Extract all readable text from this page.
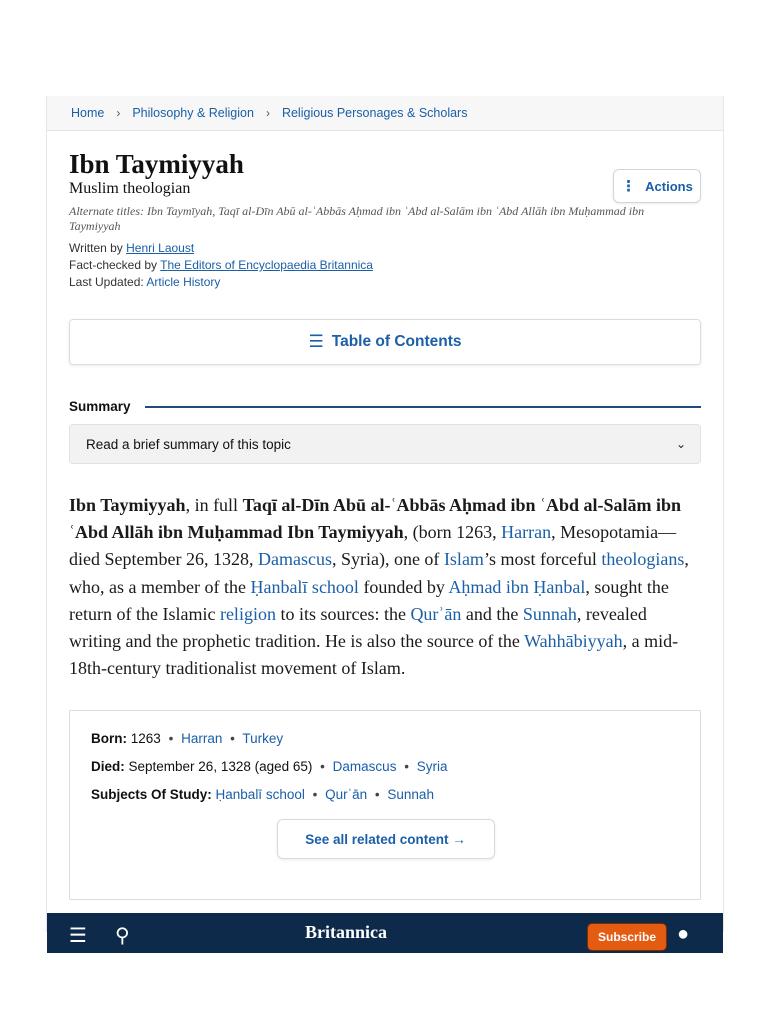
Home › Philosophy & Religion › Religious Personages & Scholars
Ibn Taymiyyah
Muslim theologian	⋮ Actions
Alternate titles: Ibn Taymīyah, Taqī al-Dīn Abū al-ʿAbbās Aḥmad ibn ʿAbd al-Salām ibn ʿAbd Allāh ibn Muḥammad ibn Taymiyyah
Written by Henri Laoust
Fact-checked by The Editors of Encyclopaedia Britannica
Last Updated: Article History
☰ Table of Contents
Summary
Read a brief summary of this topic	⌄

Ibn Taymiyyah, in full Taqī al-Dīn Abū al-ʿAbbās Aḥmad ibn ʿAbd al-Salām ibn ʿAbd Allāh ibn Muḥammad Ibn Taymiyyah, (born 1263, Harran, Mesopotamia—died September 26, 1328, Damascus, Syria), one of Islam’s most forceful theologians, who, as a member of the Ḥanbalī school founded by Aḥmad ibn Ḥanbal, sought the return of the Islamic religion to its sources: the Qurʾān and the Sunnah, revealed writing and the prophetic tradition. He is also the source of the Wahhābiyyah, a mid-18th-century traditionalist movement of Islam.

Born: 1263 • Harran • Turkey
Died: September 26, 1328 (aged 65) • Damascus • Syria
Subjects Of Study: Ḥanbalī school • Qurʾān • Sunnah
See all related content →
☰ ⚲	Britannica	Subscribe	●
